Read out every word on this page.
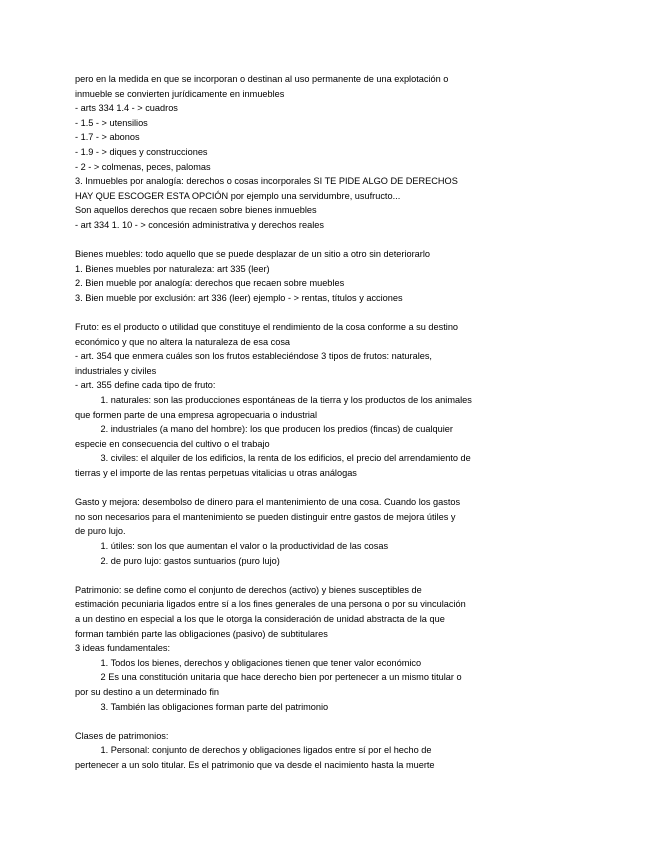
pero en la medida en que se incorporan o destinan al uso permanente de una explotación o

inmueble se convierten jurídicamente en inmuebles

- arts 334 1.4 - > cuadros

- 1.5 - > utensilios

- 1.7 - > abonos

- 1.9 - > diques y construcciones

- 2 - > colmenas, peces, palomas

3. Inmuebles por analogía: derechos o cosas incorporales SI TE PIDE ALGO DE DERECHOS

HAY QUE ESCOGER ESTA OPCIÓN por ejemplo una servidumbre, usufructo...

Son aquellos derechos que recaen sobre bienes inmuebles

- art 334 1. 10 - > concesión administrativa y derechos reales

Bienes muebles: todo aquello que se puede desplazar de un sitio a otro sin deteriorarlo

1. Bienes muebles por naturaleza: art 335 (leer)

2. Bien mueble por analogía: derechos que recaen sobre muebles

3. Bien mueble por exclusión: art 336 (leer) ejemplo - > rentas, títulos y acciones

Fruto: es el producto o utilidad que constituye el rendimiento de la cosa conforme a su destino

económico y que no altera la naturaleza de esa cosa

- art. 354 que enmera cuáles son los frutos estableciéndose 3 tipos de frutos: naturales,

industriales y civiles

- art. 355 define cada tipo de fruto:

1. naturales: son las producciones espontáneas de la tierra y los productos de los animales

que formen parte de una empresa agropecuaria o industrial

2. industriales (a mano del hombre): los que producen los predios (fincas) de cualquier

especie en consecuencia del cultivo o el trabajo

3. civiles: el alquiler de los edificios, la renta de los edificios, el precio del arrendamiento de

tierras y el importe de las rentas perpetuas vitalicias u otras análogas

Gasto y mejora: desembolso de dinero para el mantenimiento de una cosa. Cuando los gastos

no son necesarios para el mantenimiento se pueden distinguir entre gastos de mejora útiles y

de puro lujo.

1. útiles: son los que aumentan el valor o la productividad de las cosas

2. de puro lujo: gastos suntuarios (puro lujo)

Patrimonio: se define como el conjunto de derechos (activo) y bienes susceptibles de

estimación pecuniaria ligados entre sí a los fines generales de una persona o por su vinculación

a un destino en especial a los que le otorga la consideración de unidad abstracta de la que

forman también parte las obligaciones (pasivo) de subtitulares

3 ideas fundamentales:

1. Todos los bienes, derechos y obligaciones tienen que tener valor económico

2 Es una constitución unitaria que hace derecho bien por pertenecer a un mismo titular o

por su destino a un determinado fin

3. También las obligaciones forman parte del patrimonio

Clases de patrimonios:

1. Personal: conjunto de derechos y obligaciones ligados entre sí por el hecho de

pertenecer a un solo titular. Es el patrimonio que va desde el nacimiento hasta la muerte
